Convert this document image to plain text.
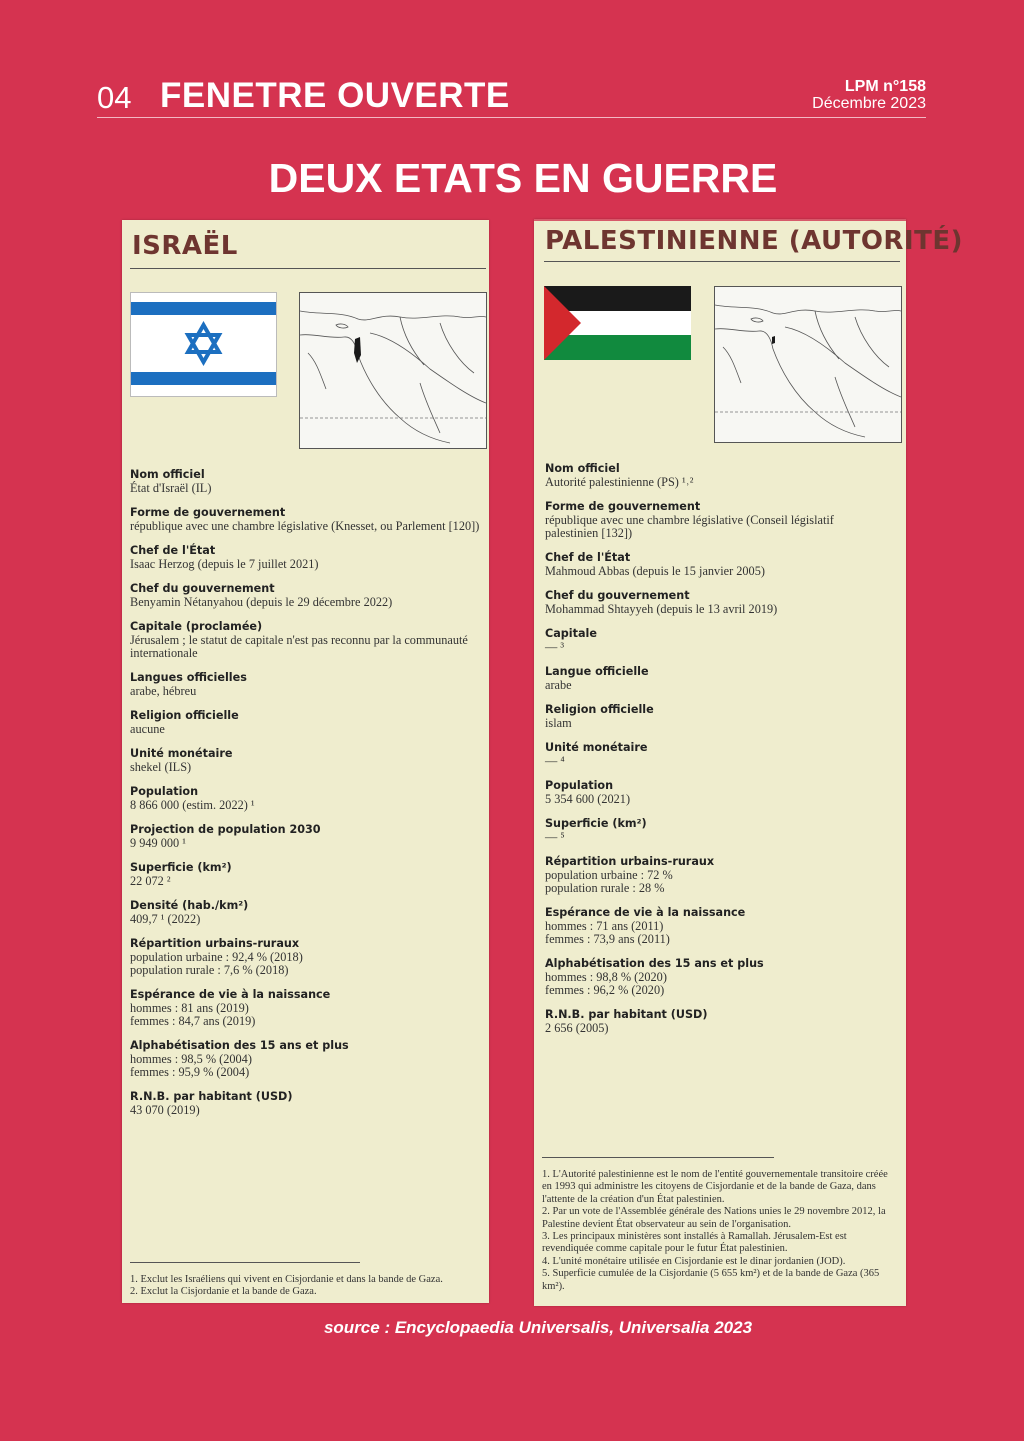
04 FENETRE OUVERTE	LPM n°158
Décembre 2023
DEUX ETATS EN GUERRE
ISRAËL
Nom officiel
État d'Israël (IL)
Forme de gouvernement
république avec une chambre législative (Knesset, ou Parlement [120])
Chef de l'État
Isaac Herzog (depuis le 7 juillet 2021)
Chef du gouvernement
Benyamin Nétanyahou (depuis le 29 décembre 2022)
Capitale (proclamée)
Jérusalem ; le statut de capitale n'est pas reconnu par la communauté
internationale
Langues officielles
arabe, hébreu
Religion officielle
aucune
Unité monétaire
shekel (ILS)
Population
8 866 000 (estim. 2022) ¹
Projection de population 2030
9 949 000 ¹
Superficie (km²)
22 072 ²
Densité (hab./km²)
409,7 ¹ (2022)
Répartition urbains-ruraux
population urbaine : 92,4 % (2018)
population rurale : 7,6 % (2018)
Espérance de vie à la naissance
hommes : 81 ans (2019)
femmes : 84,7 ans (2019)
Alphabétisation des 15 ans et plus
hommes : 98,5 % (2004)
femmes : 95,9 % (2004)
R.N.B. par habitant (USD)
43 070 (2019)
1. Exclut les Israéliens qui vivent en Cisjordanie et dans la bande de Gaza.
2. Exclut la Cisjordanie et la bande de Gaza.
PALESTINIENNE (AUTORITÉ)
Nom officiel
Autorité palestinienne (PS) ¹˒²
Forme de gouvernement
république avec une chambre législative (Conseil législatif
palestinien [132])
Chef de l'État
Mahmoud Abbas (depuis le 15 janvier 2005)
Chef du gouvernement
Mohammad Shtayyeh (depuis le 13 avril 2019)
Capitale
— ³
Langue officielle
arabe
Religion officielle
islam
Unité monétaire
— ⁴
Population
5 354 600 (2021)
Superficie (km²)
— ⁵
Répartition urbains-ruraux
population urbaine : 72 %
population rurale : 28 %
Espérance de vie à la naissance
hommes : 71 ans (2011)
femmes : 73,9 ans (2011)
Alphabétisation des 15 ans et plus
hommes : 98,8 % (2020)
femmes : 96,2 % (2020)
R.N.B. par habitant (USD)
2 656 (2005)
1. L'Autorité palestinienne est le nom de l'entité gouvernementale transitoire créée en 1993 qui administre les citoyens de Cisjordanie et de la bande de Gaza, dans l'attente de la création d'un État palestinien.
2. Par un vote de l'Assemblée générale des Nations unies le 29 novembre 2012, la Palestine devient État observateur au sein de l'organisation.
3. Les principaux ministères sont installés à Ramallah. Jérusalem-Est est revendiquée comme capitale pour le futur État palestinien.
4. L'unité monétaire utilisée en Cisjordanie est le dinar jordanien (JOD).
5. Superficie cumulée de la Cisjordanie (5 655 km²) et de la bande de Gaza (365 km²).
source : Encyclopaedia Universalis, Universalia 2023
